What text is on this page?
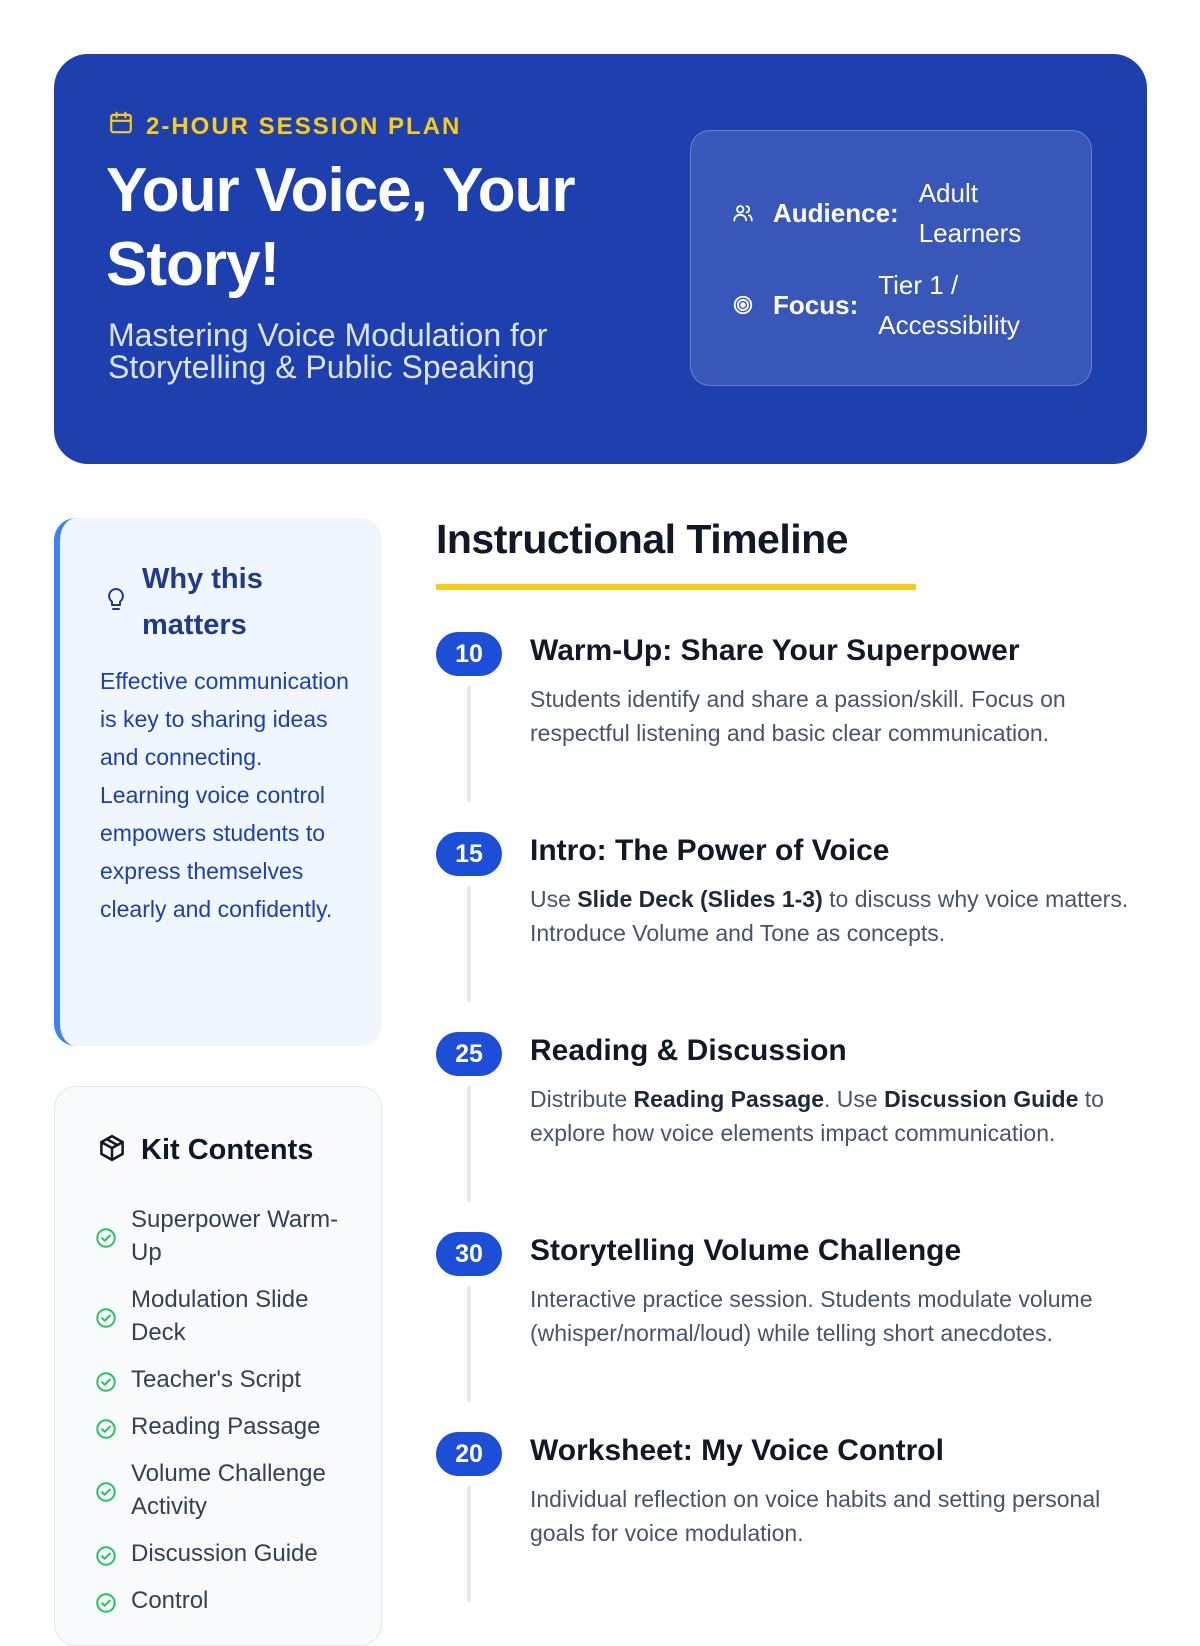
2-HOUR SESSION PLAN
Your Voice, Your Story!

Mastering Voice Modulation for Storytelling & Public Speaking

Audience:
Adult Learners
Focus:
Tier 1 / Accessibility
Why this matters

Effective communication is key to sharing ideas and connecting. Learning voice control empowers students to express themselves clearly and confidently.

Kit Contents
Superpower Warm-Up
Modulation Slide Deck
Teacher's Script
Reading Passage
Volume Challenge Activity
Discussion Guide
Control
Instructional Timeline
10	Warm-Up: Share Your Superpower

Students identify and share a passion/skill. Focus on respectful listening and basic clear communication.

15	Intro: The Power of Voice

Use Slide Deck (Slides 1-3) to discuss why voice matters. Introduce Volume and Tone as concepts.

25	Reading & Discussion

Distribute Reading Passage. Use Discussion Guide to explore how voice elements impact communication.

30	Storytelling Volume Challenge

Interactive practice session. Students modulate volume (whisper/normal/loud) while telling short anecdotes.

20	Worksheet: My Voice Control

Individual reflection on voice habits and setting personal goals for voice modulation.
